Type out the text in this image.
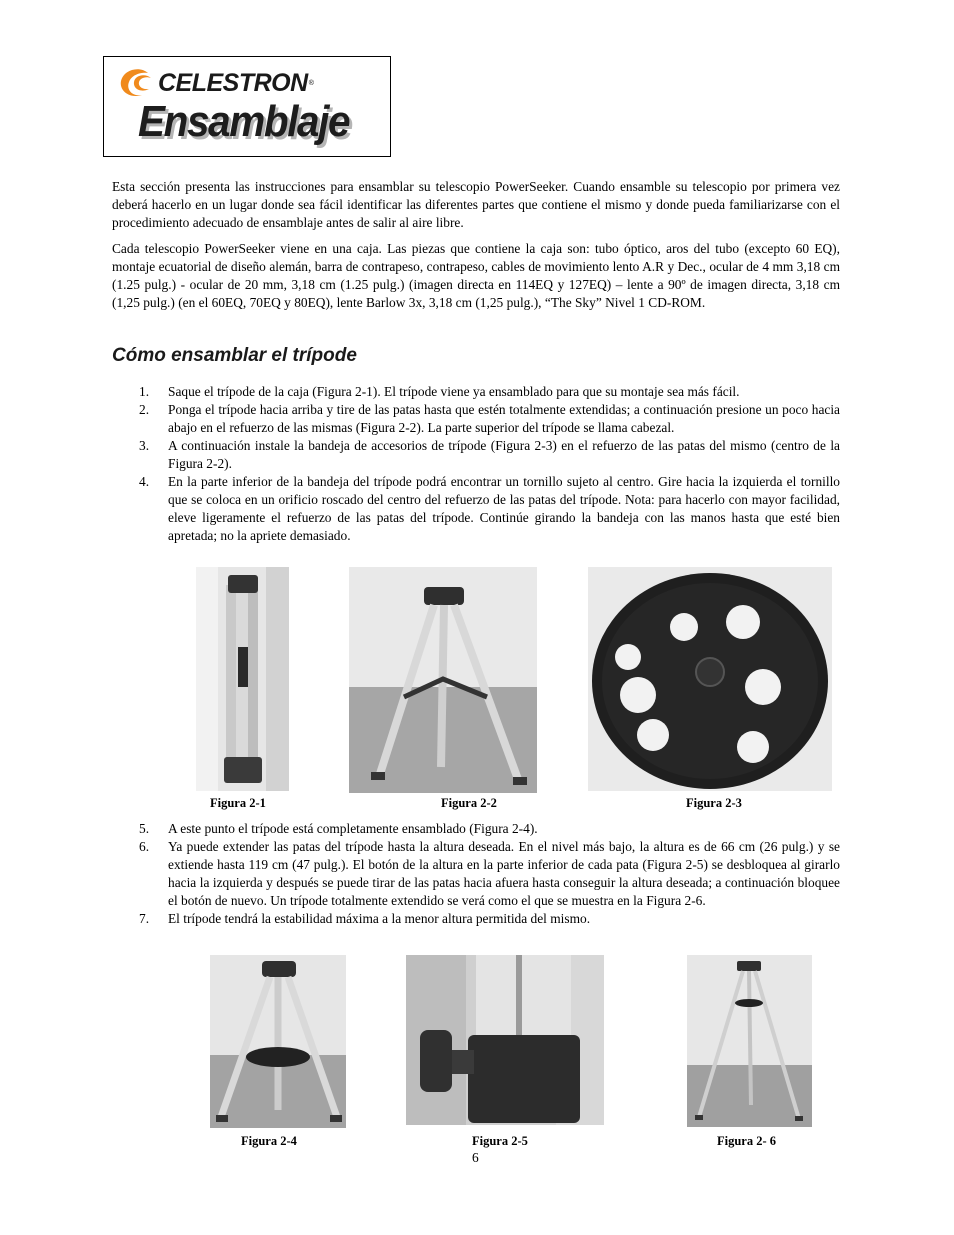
CELESTRON ®
Ensamblaje

Esta sección presenta las instrucciones para ensamblar su telescopio PowerSeeker. Cuando ensamble su telescopio por primera vez deberá hacerlo en un lugar donde sea fácil identificar las diferentes partes que contiene el mismo y donde pueda familiarizarse con el procedimiento adecuado de ensamblaje antes de salir al aire libre.

Cada telescopio PowerSeeker viene en una caja. Las piezas que contiene la caja son: tubo óptico, aros del tubo (excepto 60 EQ), montaje ecuatorial de diseño alemán, barra de contrapeso, contrapeso, cables de movimiento lento A.R y Dec., ocular de 4 mm 3,18 cm (1.25 pulg.) - ocular de 20 mm, 3,18 cm (1.25 pulg.) (imagen directa en 114EQ y 127EQ) – lente a 90º de imagen directa, 3,18 cm (1,25 pulg.) (en el 60EQ, 70EQ y 80EQ), lente Barlow 3x, 3,18 cm (1,25 pulg.), “The Sky” Nivel 1 CD-ROM.

Cómo ensamblar el trípode
1. Saque el trípode de la caja (Figura 2-1). El trípode viene ya ensamblado para que su montaje sea más fácil.
2. Ponga el trípode hacia arriba y tire de las patas hasta que estén totalmente extendidas; a continuación presione un poco hacia abajo en el refuerzo de las mismas (Figura 2-2). La parte superior del trípode se llama cabezal.
3. A continuación instale la bandeja de accesorios de trípode (Figura 2-3) en el refuerzo de las patas del mismo (centro de la Figura 2-2).
4. En la parte inferior de la bandeja del trípode podrá encontrar un tornillo sujeto al centro. Gire hacia la izquierda el tornillo que se coloca en un orificio roscado del centro del refuerzo de las patas del trípode. Nota: para hacerlo con mayor facilidad, eleve ligeramente el refuerzo de las patas del trípode. Continúe girando la bandeja con las manos hasta que esté bien apretada; no la apriete demasiado.
Figura 2-1	Figura 2-2	Figura 2-3
5. A este punto el trípode está completamente ensamblado (Figura 2-4).
6. Ya puede extender las patas del trípode hasta la altura deseada. En el nivel más bajo, la altura es de 66 cm (26 pulg.) y se extiende hasta 119 cm (47 pulg.). El botón de la altura en la parte inferior de cada pata (Figura 2-5) se desbloquea al girarlo hacia la izquierda y después se puede tirar de las patas hacia afuera hasta conseguir la altura deseada; a continuación bloquee el botón de nuevo. Un trípode totalmente extendido se verá como el que se muestra en la Figura 2-6.
7. El trípode tendrá la estabilidad máxima a la menor altura permitida del mismo.
Figura 2-4	Figura 2-5	Figura 2- 6
6
